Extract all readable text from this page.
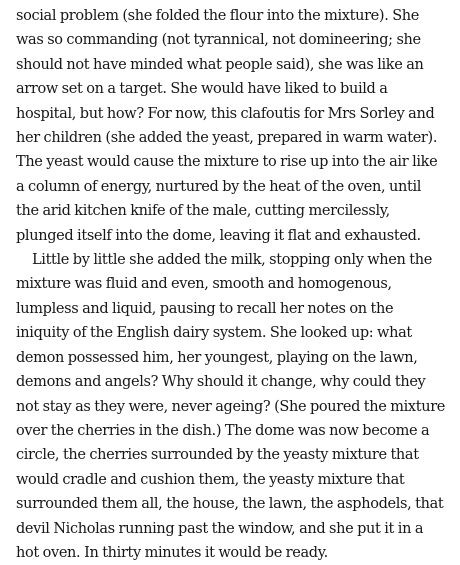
social problem (she folded the flour into the mixture). She
was so commanding (not tyrannical, not domineering; she
should not have minded what people said), she was like an
arrow set on a target. She would have liked to build a
hospital, but how? For now, this clafoutis for Mrs Sorley and
her children (she added the yeast, prepared in warm water).
The yeast would cause the mixture to rise up into the air like
a column of energy, nurtured by the heat of the oven, until
the arid kitchen knife of the male, cutting mercilessly,
plunged itself into the dome, leaving it flat and exhausted.

Little by little she added the milk, stopping only when the
mixture was fluid and even, smooth and homogenous,
lumpless and liquid, pausing to recall her notes on the
iniquity of the English dairy system. She looked up: what
demon possessed him, her youngest, playing on the lawn,
demons and angels? Why should it change, why could they
not stay as they were, never ageing? (She poured the mixture
over the cherries in the dish.) The dome was now become a
circle, the cherries surrounded by the yeasty mixture that
would cradle and cushion them, the yeasty mixture that
surrounded them all, the house, the lawn, the asphodels, that
devil Nicholas running past the window, and she put it in a
hot oven. In thirty minutes it would be ready.
